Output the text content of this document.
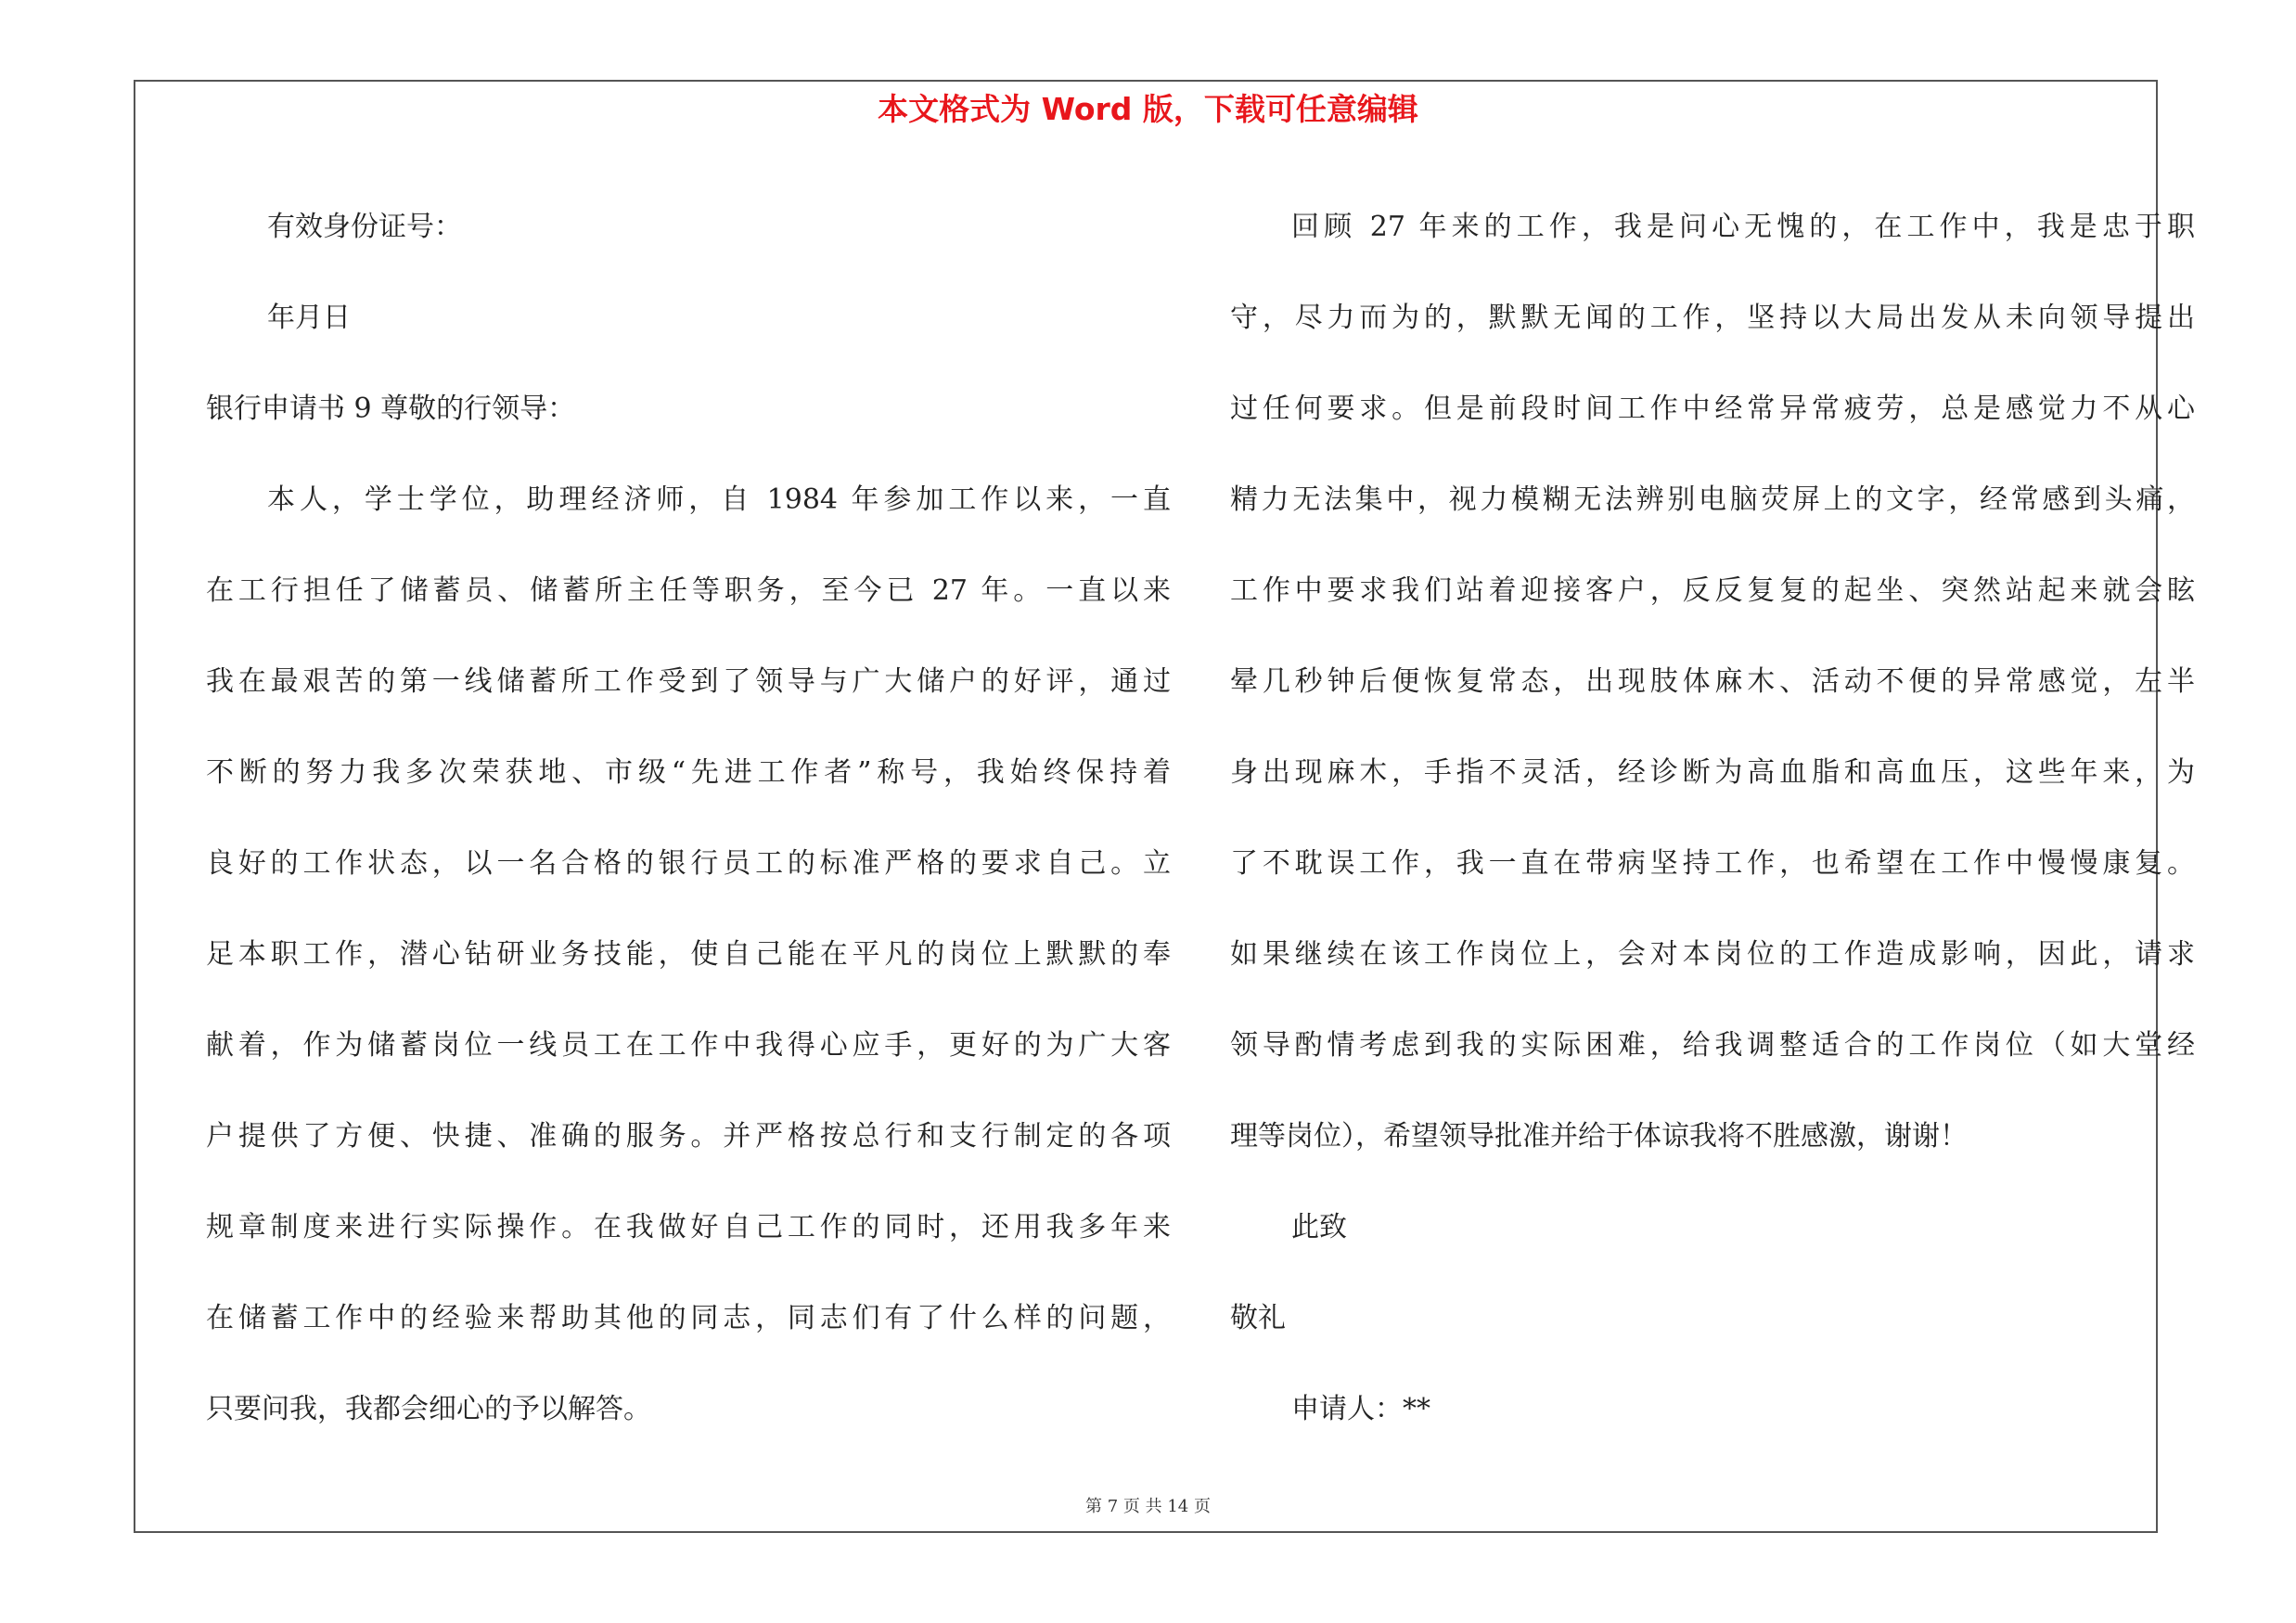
本文格式为 Word 版，下载可任意编辑

有效身份证号：

年月日

银行申请书 9 尊敬的行领导：

本人，学士学位，助理经济师，自 1984 年参加工作以来，一直

在工行担任了储蓄员、储蓄所主任等职务，至今已 27 年。一直以来

我在最艰苦的第一线储蓄所工作受到了领导与广大储户的好评，通过

不断的努力我多次荣获地、市级“先进工作者”称号，我始终保持着

良好的工作状态，以一名合格的银行员工的标准严格的要求自己。立

足本职工作，潜心钻研业务技能，使自己能在平凡的岗位上默默的奉

献着，作为储蓄岗位一线员工在工作中我得心应手，更好的为广大客

户提供了方便、快捷、准确的服务。并严格按总行和支行制定的各项

规章制度来进行实际操作。在我做好自己工作的同时，还用我多年来

在储蓄工作中的经验来帮助其他的同志，同志们有了什么样的问题，

只要问我，我都会细心的予以解答。

回顾 27 年来的工作，我是问心无愧的，在工作中，我是忠于职

守，尽力而为的，默默无闻的工作，坚持以大局出发从未向领导提出

过任何要求。但是前段时间工作中经常异常疲劳，总是感觉力不从心

精力无法集中，视力模糊无法辨别电脑荧屏上的文字，经常感到头痛，

工作中要求我们站着迎接客户，反反复复的起坐、突然站起来就会眩

晕几秒钟后便恢复常态，出现肢体麻木、活动不便的异常感觉，左半

身出现麻木，手指不灵活，经诊断为高血脂和高血压，这些年来，为

了不耽误工作，我一直在带病坚持工作，也希望在工作中慢慢康复。

如果继续在该工作岗位上，会对本岗位的工作造成影响，因此，请求

领导酌情考虑到我的实际困难，给我调整适合的工作岗位（如大堂经

理等岗位），希望领导批准并给于体谅我将不胜感激，谢谢！

此致

敬礼

申请人：**

第 7 页 共 14 页
